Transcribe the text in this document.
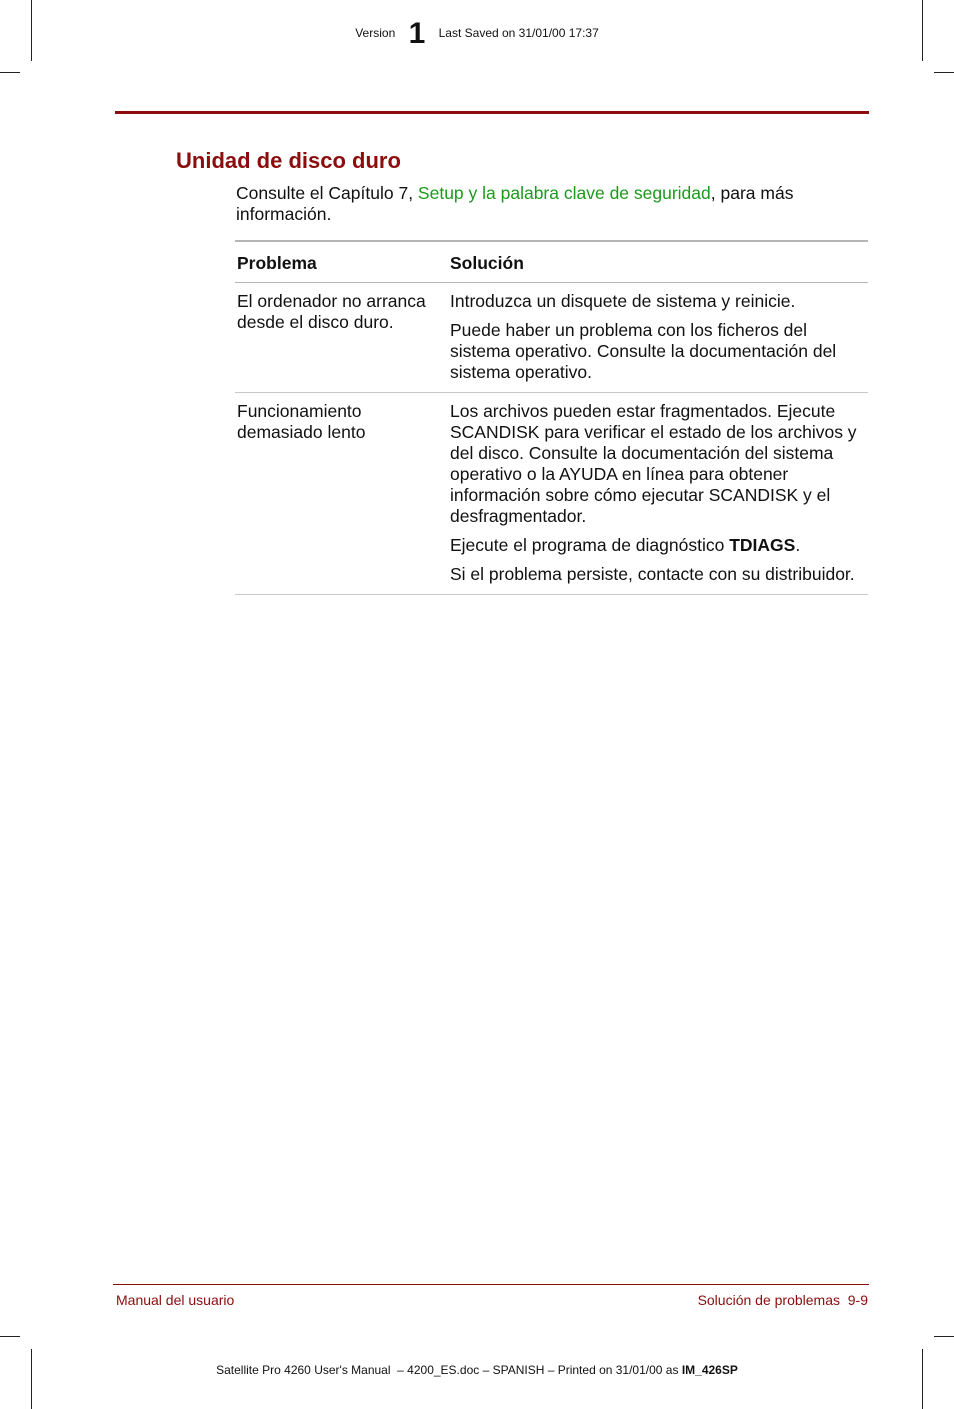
Version 1 Last Saved on 31/01/00 17:37
Unidad de disco duro

Consulte el Capítulo 7, Setup y la palabra clave de seguridad, para más información.

Problema	Solución
El ordenador no arranca desde el disco duro.	Introduzca un disquete de sistema y reinicie.

Puede haber un problema con los ficheros del sistema operativo. Consulte la documentación del sistema operativo.

Funcionamiento demasiado lento	Los archivos pueden estar fragmentados. Ejecute SCANDISK para verificar el estado de los archivos y del disco. Consulte la documentación del sistema operativo o la AYUDA en línea para obtener información sobre cómo ejecutar SCANDISK y el desfragmentador.

Ejecute el programa de diagnóstico TDIAGS.

Si el problema persiste, contacte con su distribuidor.

Manual del usuario	Solución de problemas  9-9
Satellite Pro 4260 User's Manual  – 4200_ES.doc – SPANISH – Printed on 31/01/00 as IM_426SP
